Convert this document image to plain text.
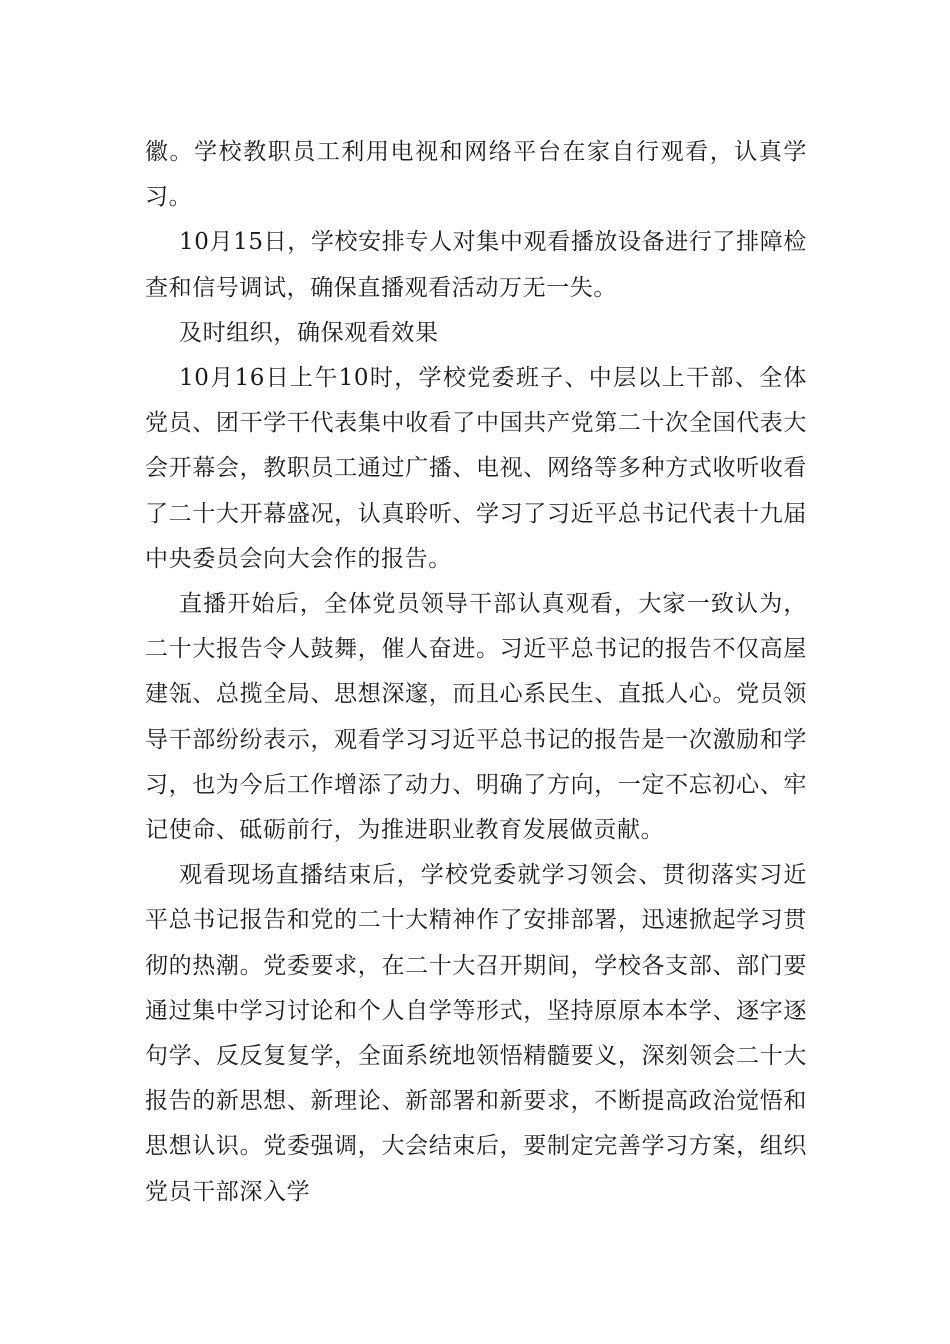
徽。学校教职员工利用电视和网络平台在家自行观看，认真学习。

10月15日，学校安排专人对集中观看播放设备进行了排障检查和信号调试，确保直播观看活动万无一失。

及时组织，确保观看效果

10月16日上午10时，学校党委班子、中层以上干部、全体党员、团干学干代表集中收看了中国共产党第二十次全国代表大会开幕会，教职员工通过广播、电视、网络等多种方式收听收看了二十大开幕盛况，认真聆听、学习了习近平总书记代表十九届中央委员会向大会作的报告。

直播开始后，全体党员领导干部认真观看，大家一致认为，二十大报告令人鼓舞，催人奋进。习近平总书记的报告不仅高屋建瓴、总揽全局、思想深邃，而且心系民生、直抵人心。党员领导干部纷纷表示，观看学习习近平总书记的报告是一次激励和学习，也为今后工作增添了动力、明确了方向，一定不忘初心、牢记使命、砥砺前行，为推进职业教育发展做贡献。

观看现场直播结束后，学校党委就学习领会、贯彻落实习近平总书记报告和党的二十大精神作了安排部署，迅速掀起学习贯彻的热潮。党委要求，在二十大召开期间，学校各支部、部门要通过集中学习讨论和个人自学等形式，坚持原原本本学、逐字逐句学、反反复复学，全面系统地领悟精髓要义，深刻领会二十大报告的新思想、新理论、新部署和新要求，不断提高政治觉悟和思想认识。党委强调，大会结束后，要制定完善学习方案，组织党员干部深入学
